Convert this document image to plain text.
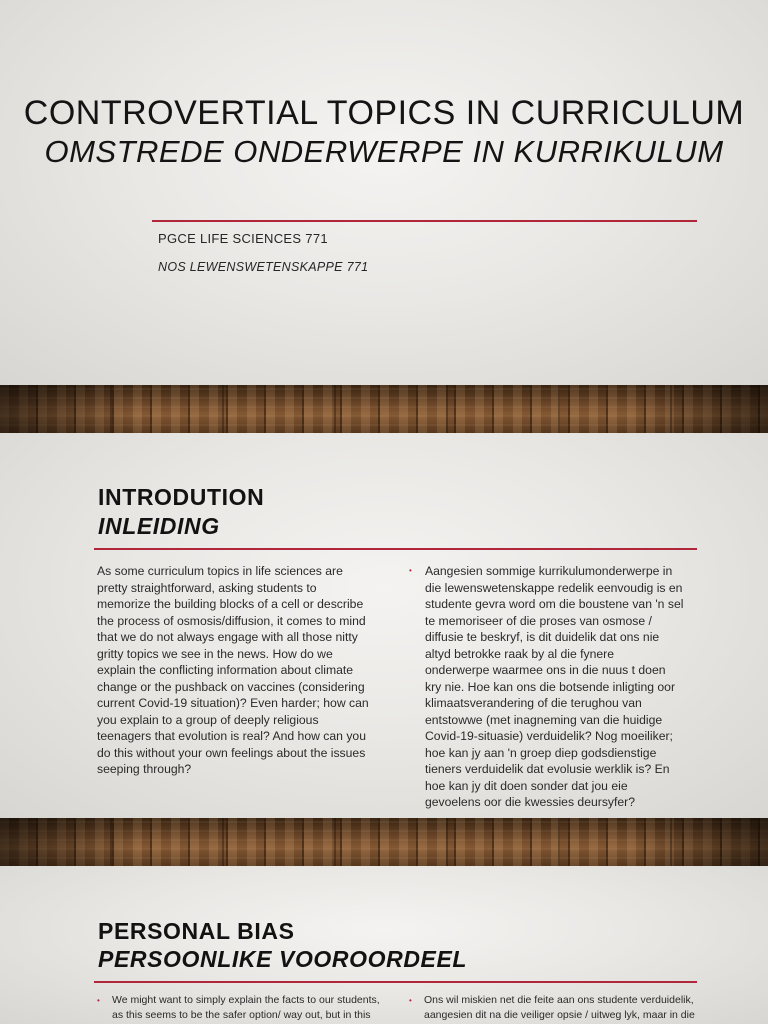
CONTROVERTIAL TOPICS IN CURRICULUM
OMSTREDE ONDERWERPE IN KURRIKULUM
PGCE LIFE SCIENCES 771
NOS LEWENSWETENSKAPPE 771
INTRODUTION
INLEIDING
As some curriculum topics in life sciences are
pretty straightforward, asking students to
memorize the building blocks of a cell or describe
the process of osmosis/diffusion, it comes to mind
that we do not always engage with all those nitty
gritty topics we see in the news. How do we
explain the conflicting information about climate
change or the pushback on vaccines (considering
current Covid-19 situation)? Even harder; how can
you explain to a group of deeply religious
teenagers that evolution is real? And how can you
do this without your own feelings about the issues
seeping through?
• Aangesien sommige kurrikulumonderwerpe in
die lewenswetenskappe redelik eenvoudig is en
studente gevra word om die boustene van 'n sel
te memoriseer of die proses van osmose /
diffusie te beskryf, is dit duidelik dat ons nie
altyd betrokke raak by al die fynere
onderwerpe waarmee ons in die nuus t doen
kry nie. Hoe kan ons die botsende inligting oor
klimaatsverandering of die terughou van
entstowwe (met inagneming van die huidige
Covid-19-situasie) verduidelik? Nog moeiliker;
hoe kan jy aan 'n groep diep godsdienstige
tieners verduidelik dat evolusie werklik is? En
hoe kan jy dit doen sonder dat jou eie
gevoelens oor die kwessies deursyfer?
PERSONAL BIAS
PERSOONLIKE VOOROORDEEL
• We might want to simply explain the facts to our students,
as this seems to be the safer option/ way out, but in this
• Ons wil miskien net die feite aan ons studente verduidelik,
aangesien dit na die veiliger opsie / uitweg lyk, maar in die
